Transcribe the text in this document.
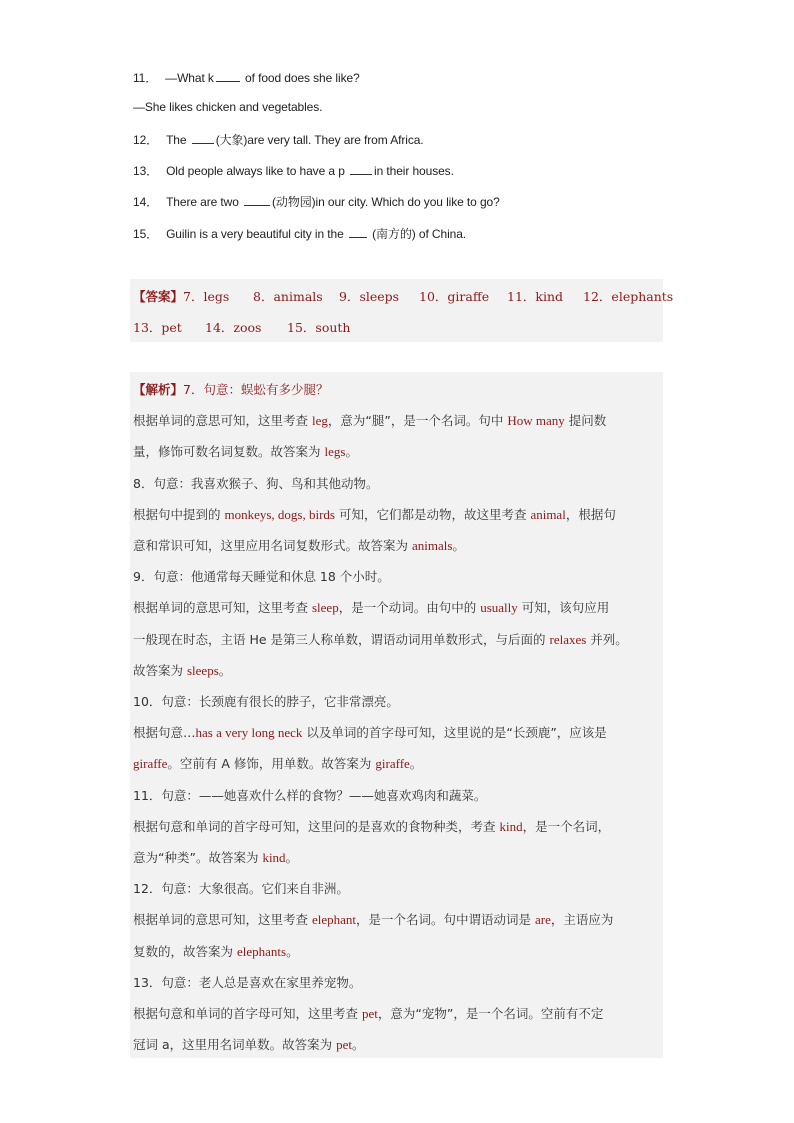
11． —What k of food does she like?
—She likes chicken and vegetables.
12． The (大象)are very tall. They are from Africa.
13． Old people always like to have a p in their houses.
14． There are two	(动物园)in our city. Which do you like to go?
15． Guilin is a very beautiful city in the  (南方的) of China.
【答案】7．legs 8．animals 9．sleeps 10．giraffe 11．kind 12．elephants
13．pet 14．zoos 15．south
【解析】7．句意：蜈蚣有多少腿？
根据单词的意思可知，这里考查 leg，意为“腿”，是一个名词。句中 How many 提问数
量，修饰可数名词复数。故答案为 legs。
8．句意：我喜欢猴子、狗、鸟和其他动物。
根据句中提到的 monkeys, dogs, birds 可知，它们都是动物，故这里考查 animal，根据句
意和常识可知，这里应用名词复数形式。故答案为 animals。
9．句意：他通常每天睡觉和休息 18 个小时。
根据单词的意思可知，这里考查 sleep，是一个动词。由句中的 usually 可知，该句应用
一般现在时态，主语 He 是第三人称单数，谓语动词用单数形式，与后面的 relaxes 并列。
故答案为 sleeps。
10．句意：长颈鹿有很长的脖子，它非常漂亮。
根据句意…has a very long neck 以及单词的首字母可知，这里说的是“长颈鹿”，应该是
giraffe。空前有 A 修饰，用单数。故答案为 giraffe。
11．句意：——她喜欢什么样的食物？——她喜欢鸡肉和蔬菜。
根据句意和单词的首字母可知，这里问的是喜欢的食物种类，考查 kind，是一个名词，
意为“种类”。故答案为 kind。
12．句意：大象很高。它们来自非洲。
根据单词的意思可知，这里考查 elephant，是一个名词。句中谓语动词是 are，主语应为
复数的，故答案为 elephants。
13．句意：老人总是喜欢在家里养宠物。
根据句意和单词的首字母可知，这里考查 pet，意为“宠物”，是一个名词。空前有不定
冠词 a，这里用名词单数。故答案为 pet。
